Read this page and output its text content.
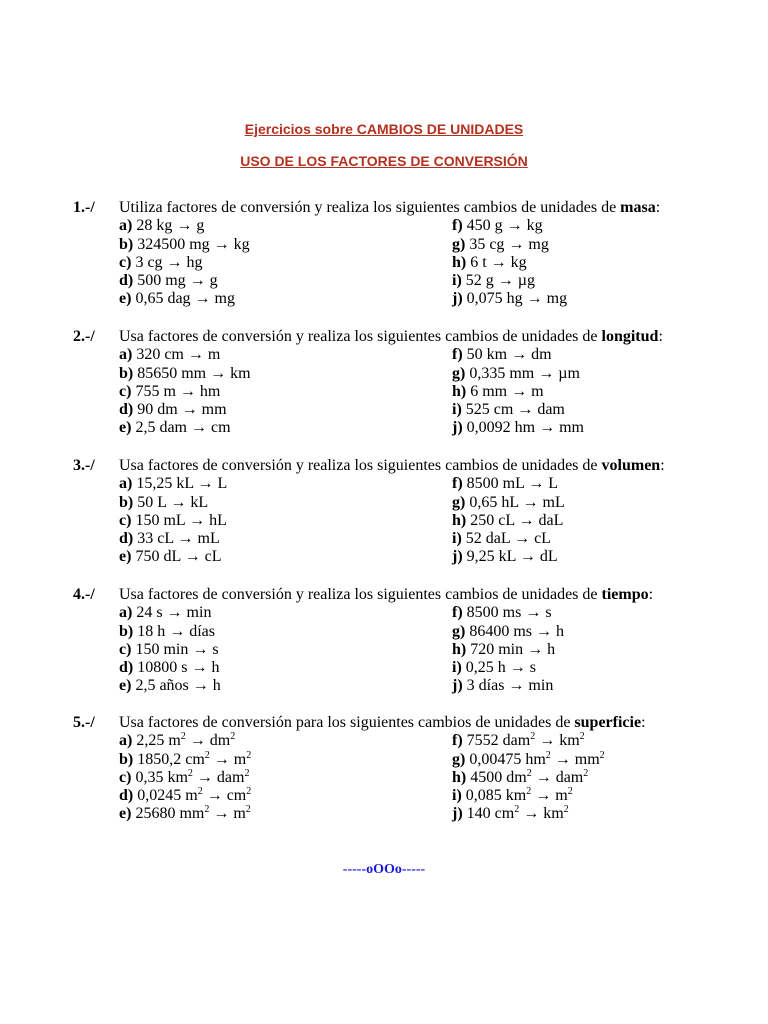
Ejercicios sobre CAMBIOS DE UNIDADES
USO DE LOS FACTORES DE CONVERSIÓN
1.-/ Utiliza factores de conversión y realiza los siguientes cambios de unidades de masa:
a) 28 kg → g
b) 324500 mg → kg
c) 3 cg → hg
d) 500 mg → g
e) 0,65 dag → mg
f) 450 g → kg
g) 35 cg → mg
h) 6 t → kg
i) 52 g → µg
j) 0,075 hg → mg
2.-/ Usa factores de conversión y realiza los siguientes cambios de unidades de longitud:
a) 320 cm → m
b) 85650 mm → km
c) 755 m → hm
d) 90 dm → mm
e) 2,5 dam → cm
f) 50 km → dm
g) 0,335 mm → µm
h) 6 mm → m
i) 525 cm → dam
j) 0,0092 hm → mm
3.-/ Usa factores de conversión y realiza los siguientes cambios de unidades de volumen:
a) 15,25 kL → L
b) 50 L → kL
c) 150 mL → hL
d) 33 cL → mL
e) 750 dL → cL
f) 8500 mL → L
g) 0,65 hL → mL
h) 250 cL → daL
i) 52 daL → cL
j) 9,25 kL → dL
4.-/ Usa factores de conversión y realiza los siguientes cambios de unidades de tiempo:
a) 24 s → min
b) 18 h → días
c) 150 min → s
d) 10800 s → h
e) 2,5 años → h
f) 8500 ms → s
g) 86400 ms → h
h) 720 min → h
i) 0,25 h → s
j) 3 días → min
5.-/ Usa factores de conversión para los siguientes cambios de unidades de superficie:
a) 2,25 $m^2 \to dm^2$
b) 1850,2 $cm^2 \to m^2$
c) 0,35 $km^2 \to dam^2$
d) 0,0245 $m^2 \to cm^2$
e) 25680 $mm^2 \to m^2$
f) 7552 $dam^2 \to km^2$
g) 0,00475 $hm^2 \to mm^2$
h) 4500 $dm^2 \to dam^2$
i) 0,085 $km^2 \to m^2$
j) 140 $cm^2 \to km^2$
-----oOOo-----
